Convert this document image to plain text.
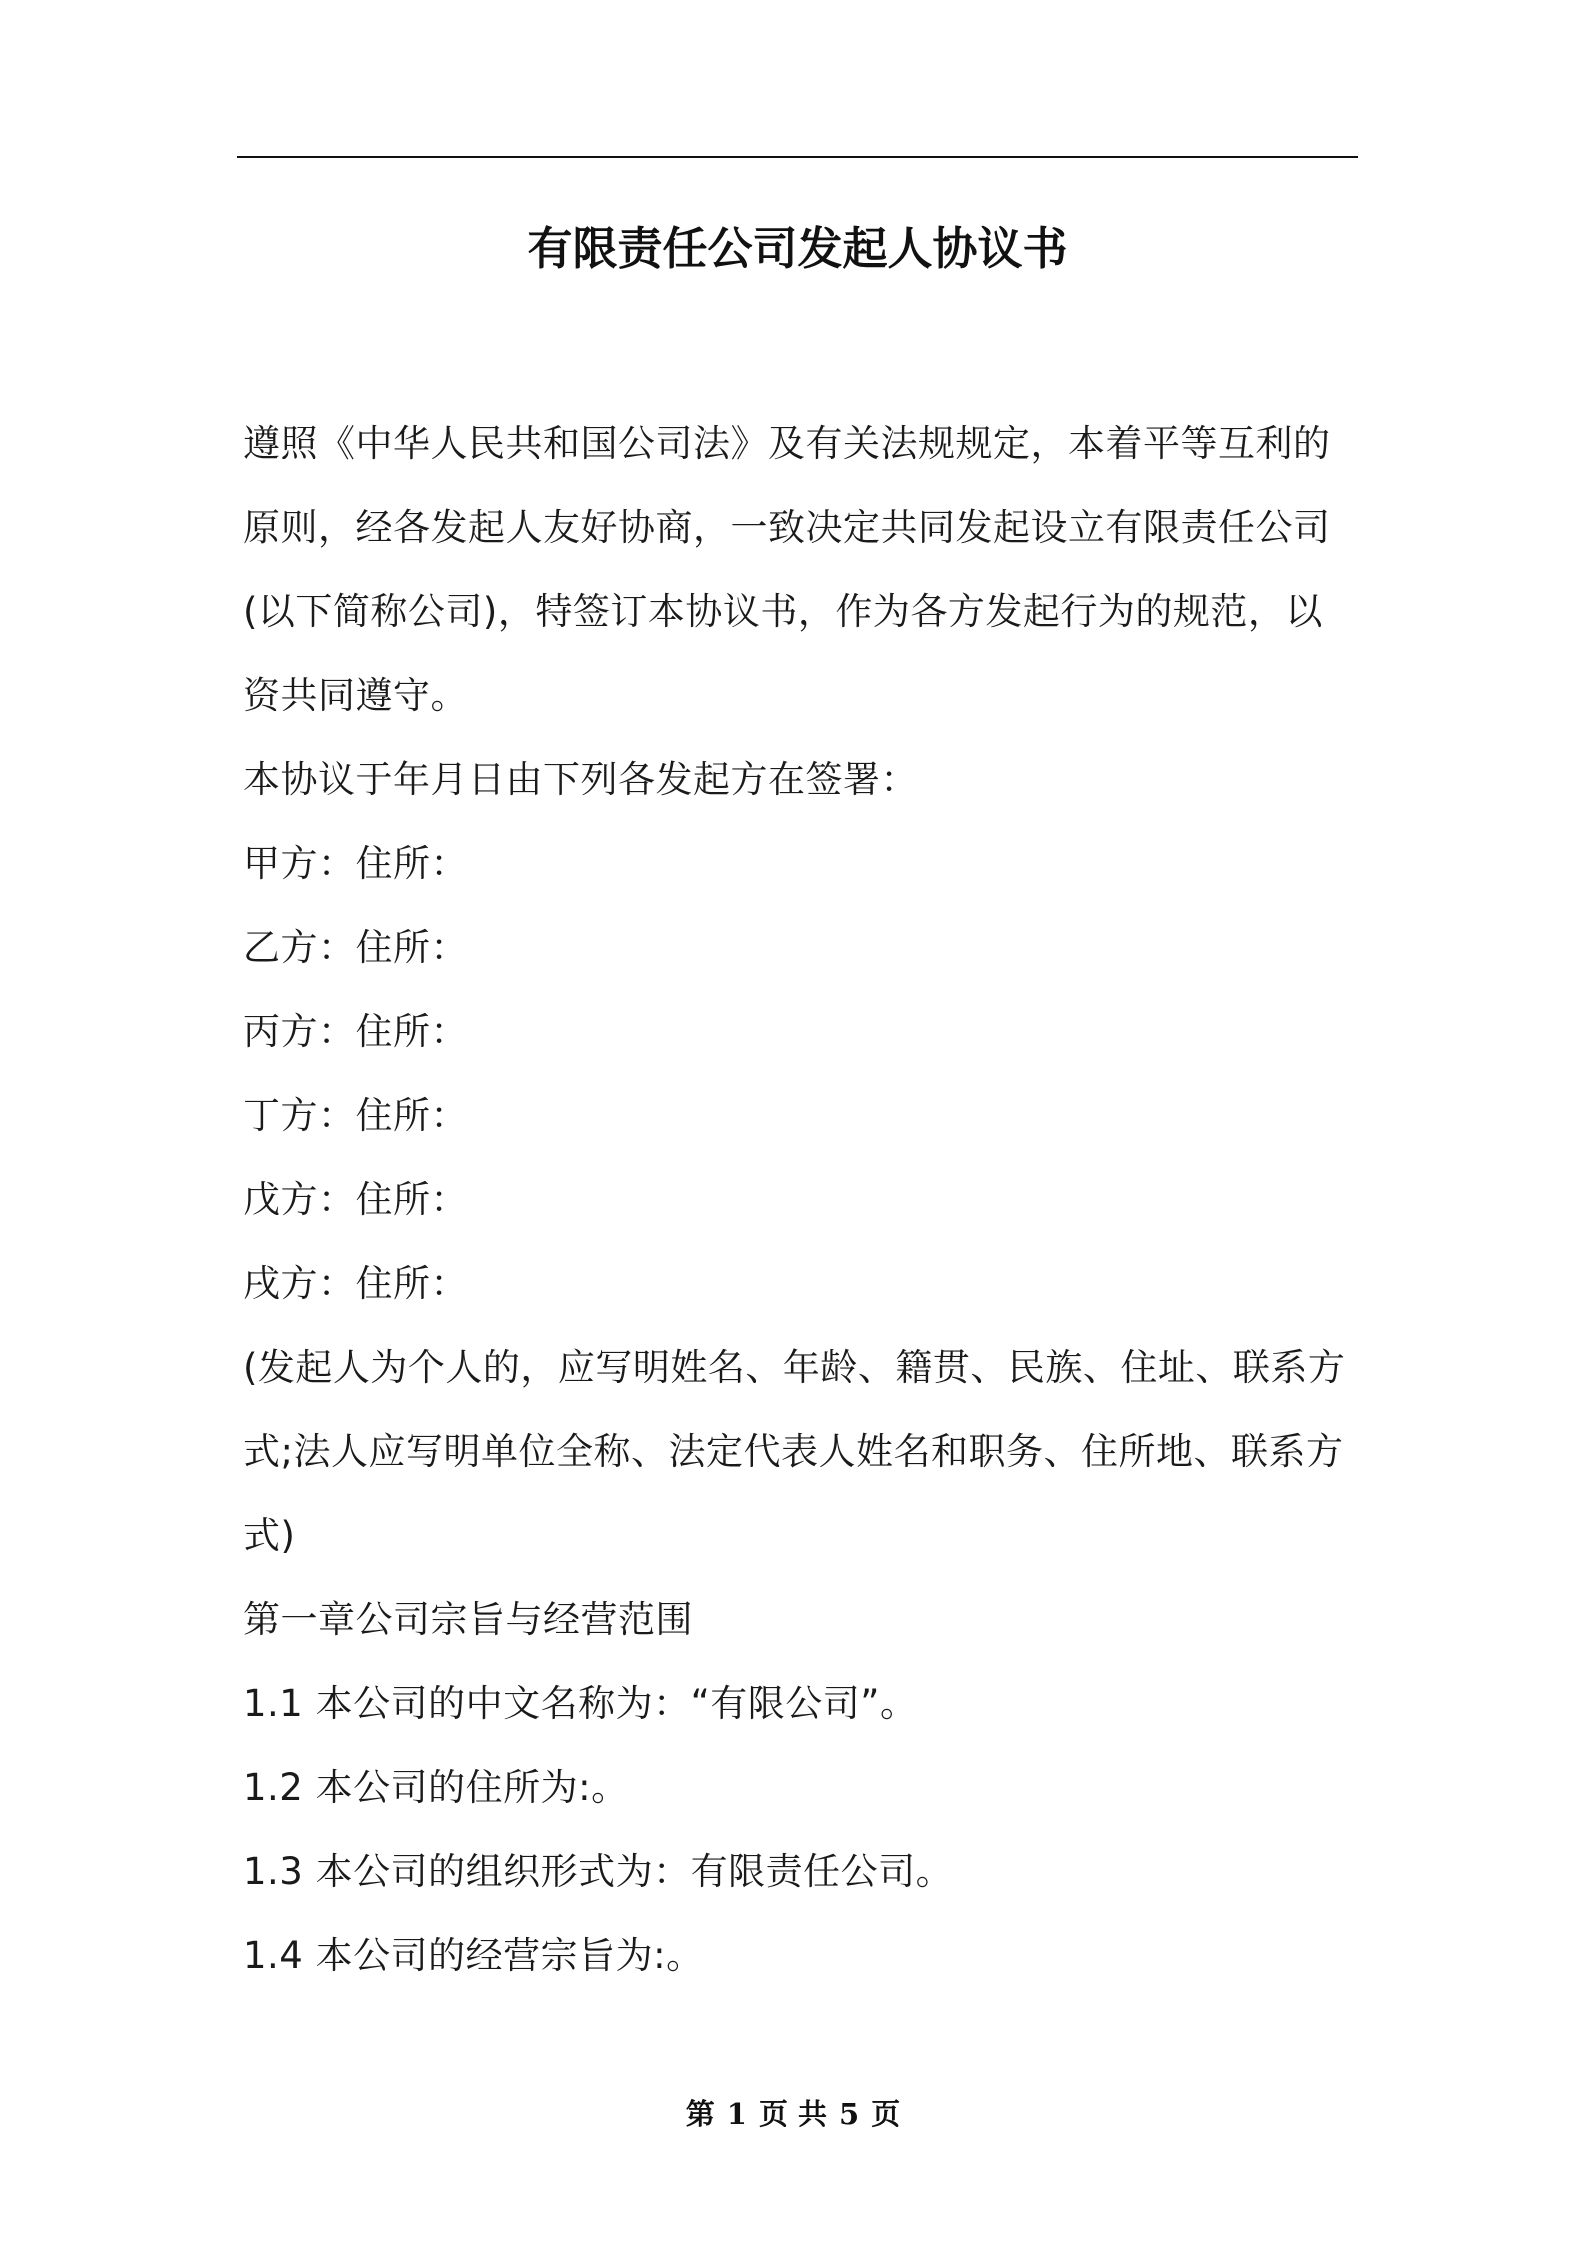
有限责任公司发起人协议书

遵照《中华人民共和国公司法》及有关法规规定，本着平等互利的原则，经各发起人友好协商，一致决定共同发起设立有限责任公司(以下简称公司)，特签订本协议书，作为各方发起行为的规范，以资共同遵守。

本协议于年月日由下列各发起方在签署：

甲方：住所：

乙方：住所：

丙方：住所：

丁方：住所：

戊方：住所：

戌方：住所：

(发起人为个人的，应写明姓名、年龄、籍贯、民族、住址、联系方式;法人应写明单位全称、法定代表人姓名和职务、住所地、联系方式)

第一章公司宗旨与经营范围

1.1 本公司的中文名称为：“有限公司”。

1.2 本公司的住所为:。

1.3 本公司的组织形式为：有限责任公司。

1.4 本公司的经营宗旨为:。

第 1 页 共 5 页
